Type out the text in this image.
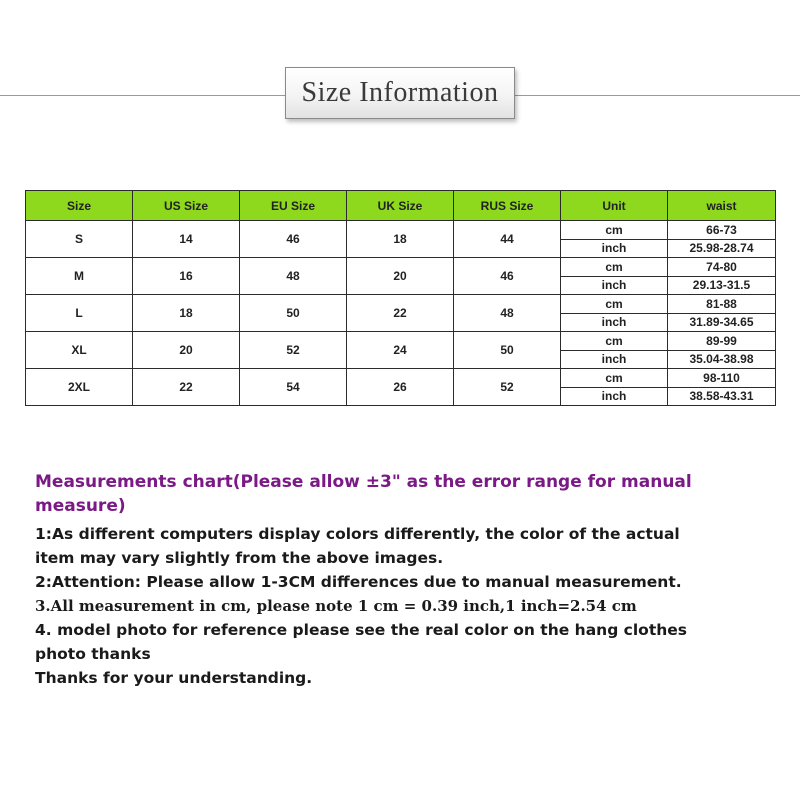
Size Information
Size	US Size	EU Size	UK Size	RUS Size	Unit	waist
S	14	46	18	44	cm	66-73
					inch	25.98-28.74
M	16	48	20	46	cm	74-80
					inch	29.13-31.5
L	18	50	22	48	cm	81-88
					inch	31.89-34.65
XL	20	52	24	50	cm	89-99
					inch	35.04-38.98
2XL	22	54	26	52	cm	98-110
					inch	38.58-43.31

Measurements chart(Please allow ±3" as the error range for manual
measure)

1:As different computers display colors differently, the color of the actual
item may vary slightly from the above images.

2:Attention: Please allow 1-3CM differences due to manual measurement.

3.All measurement in cm, please note 1 cm = 0.39 inch,1 inch=2.54 cm

4. model photo for reference please see the real color on the hang clothes
photo thanks

Thanks for your understanding.
